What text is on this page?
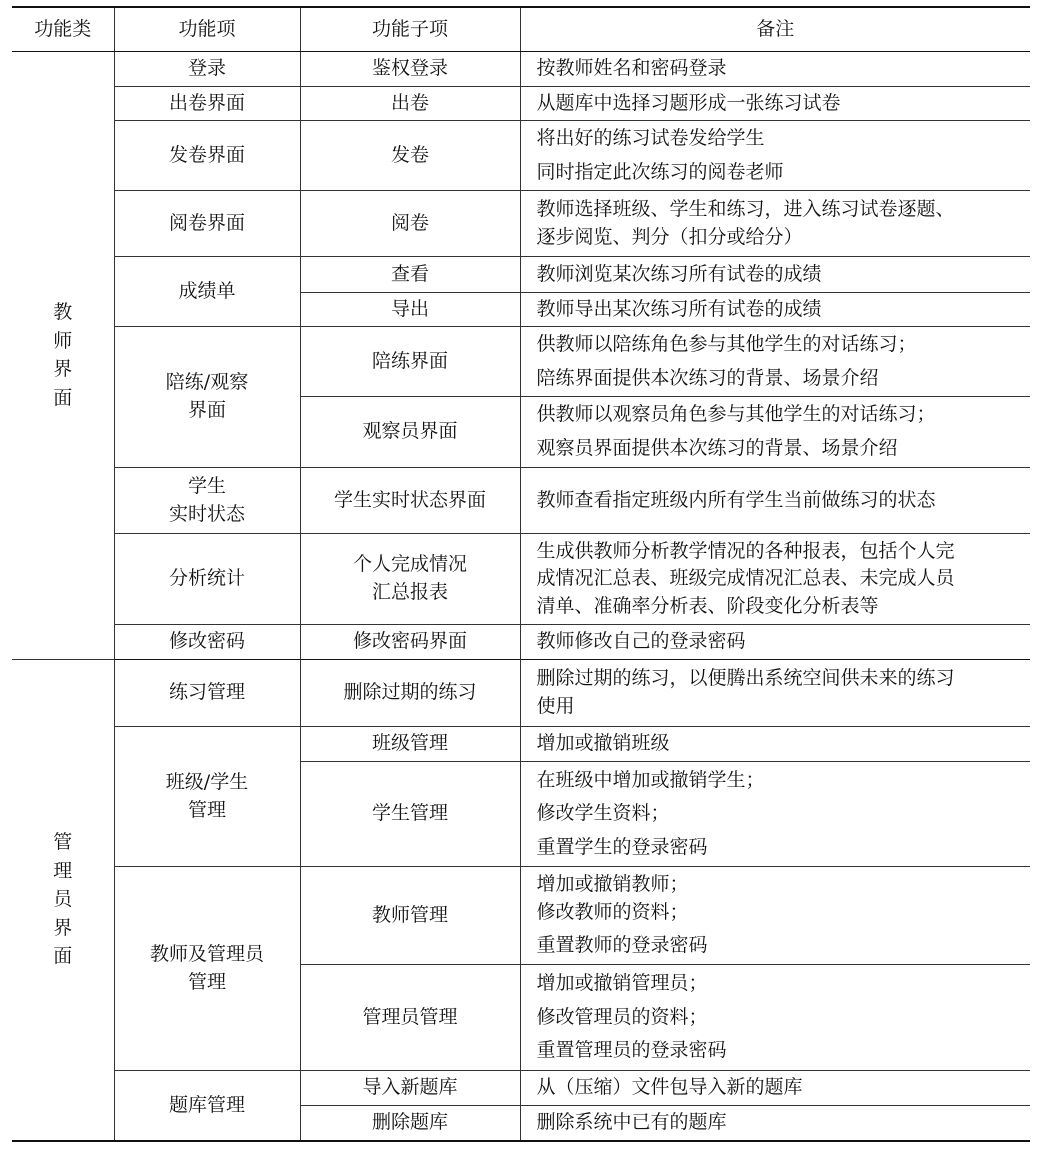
功能类	功能项	功能子项	备注
教师界面	登录	鉴权登录	按教师姓名和密码登录
	出卷界面	出卷	从题库中选择习题形成一张练习试卷
	发卷界面	发卷	将出好的练习试卷发给学生
同时指定此次练习的阅卷老师

	阅卷界面	阅卷	教师选择班级、学生和练习，进入练习试卷逐题、
逐步阅览、判分（扣分或给分）

	成绩单	查看	教师浏览某次练习所有试卷的成绩
		导出	教师导出某次练习所有试卷的成绩

	陪练/观察
界面	陪练界面	供教师以陪练角色参与其他学生的对话练习；
陪练界面提供本次练习的背景、场景介绍

		观察员界面	供教师以观察员角色参与其他学生的对话练习；
观察员界面提供本次练习的背景、场景介绍

	学生
实时状态	学生实时状态界面	教师查看指定班级内所有学生当前做练习的状态
	分析统计	个人完成情况
汇总报表	生成供教师分析教学情况的各种报表，包括个人完
成情况汇总表、班级完成情况汇总表、未完成人员
清单、准确率分析表、阶段变化分析表等

	修改密码	修改密码界面	教师修改自己的登录密码

管理员界面	练习管理	删除过期的练习	删除过期的练习，以便腾出系统空间供未来的练习
使用

	班级/学生
管理	班级管理	增加或撤销班级
		学生管理	在班级中增加或撤销学生；
修改学生资料；
重置学生的登录密码

	教师及管理员
管理	教师管理	增加或撤销教师；
修改教师的资料；
重置教师的登录密码

		管理员管理	增加或撤销管理员；
修改管理员的资料；
重置管理员的登录密码

	题库管理	导入新题库	从（压缩）文件包导入新的题库
		删除题库	删除系统中已有的题库
